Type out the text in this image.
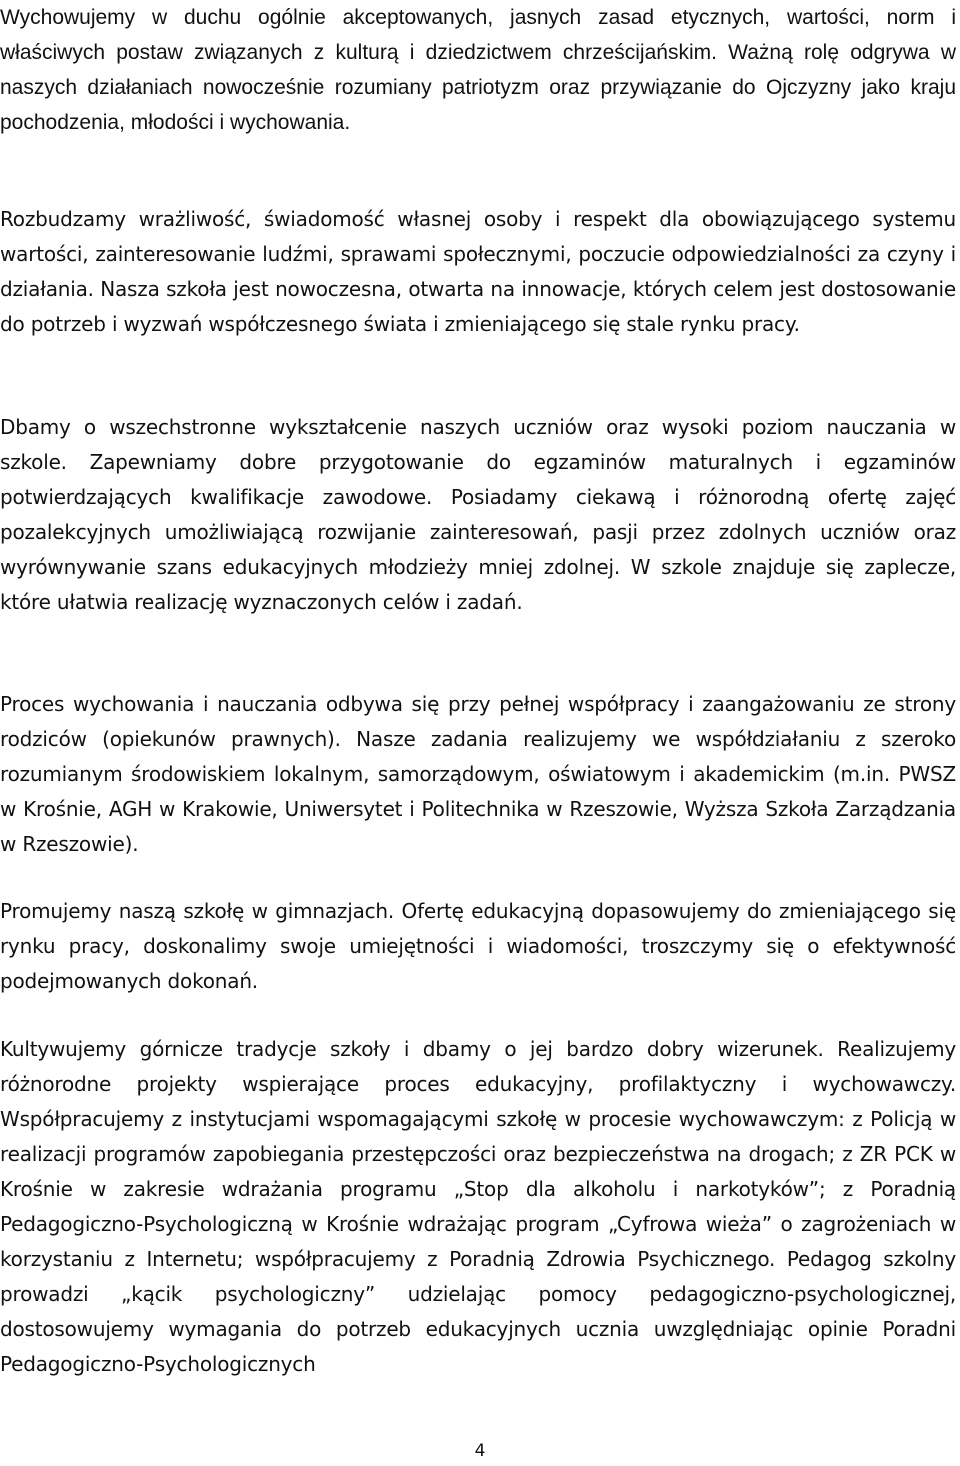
Wychowujemy w duchu ogólnie akceptowanych, jasnych zasad etycznych, wartości, norm i właściwych postaw związanych z kulturą i dziedzictwem chrześcijańskim. Ważną rolę odgrywa w naszych działaniach nowocześnie rozumiany patriotyzm oraz przywiązanie do Ojczyzny jako kraju pochodzenia, młodości i wychowania.

Rozbudzamy wrażliwość, świadomość własnej osoby i respekt dla obowiązującego systemu wartości, zainteresowanie ludźmi, sprawami społecznymi, poczucie odpowiedzialności za czyny i działania. Nasza szkoła jest nowoczesna, otwarta na innowacje, których celem jest dostosowanie do potrzeb i wyzwań współczesnego świata i zmieniającego się stale rynku pracy.

Dbamy o wszechstronne wykształcenie naszych uczniów oraz wysoki poziom nauczania w szkole. Zapewniamy dobre przygotowanie do egzaminów maturalnych i egzaminów potwierdzających kwalifikacje zawodowe. Posiadamy ciekawą i różnorodną ofertę zajęć pozalekcyjnych umożliwiającą rozwijanie zainteresowań, pasji przez zdolnych uczniów oraz wyrównywanie szans edukacyjnych młodzieży mniej zdolnej. W szkole znajduje się zaplecze, które ułatwia realizację wyznaczonych celów i zadań.

Proces wychowania i nauczania odbywa się przy pełnej współpracy i zaangażowaniu ze strony rodziców (opiekunów prawnych). Nasze zadania realizujemy we współdziałaniu z szeroko rozumianym środowiskiem lokalnym, samorządowym, oświatowym i akademickim (m.in. PWSZ w Krośnie, AGH w Krakowie, Uniwersytet i Politechnika w Rzeszowie, Wyższa Szkoła Zarządzania w Rzeszowie).

Promujemy naszą szkołę w gimnazjach. Ofertę edukacyjną dopasowujemy do zmieniającego się rynku pracy, doskonalimy swoje umiejętności i wiadomości, troszczymy się o efektywność podejmowanych dokonań.

Kultywujemy górnicze tradycje szkoły i dbamy o jej bardzo dobry wizerunek. Realizujemy różnorodne projekty wspierające proces edukacyjny, profilaktyczny i wychowawczy. Współpracujemy z instytucjami wspomagającymi szkołę w procesie wychowawczym: z Policją w realizacji programów zapobiegania przestępczości oraz bezpieczeństwa na drogach; z ZR PCK w Krośnie w zakresie wdrażania programu „Stop dla alkoholu i narkotyków”; z Poradnią Pedagogiczno-Psychologiczną w Krośnie wdrażając program „Cyfrowa wieża” o zagrożeniach w korzystaniu z Internetu; współpracujemy z Poradnią Zdrowia Psychicznego. Pedagog szkolny prowadzi „kącik psychologiczny” udzielając pomocy pedagogiczno-psychologicznej, dostosowujemy wymagania do potrzeb edukacyjnych ucznia uwzględniając opinie Poradni Pedagogiczno-Psychologicznych

4
